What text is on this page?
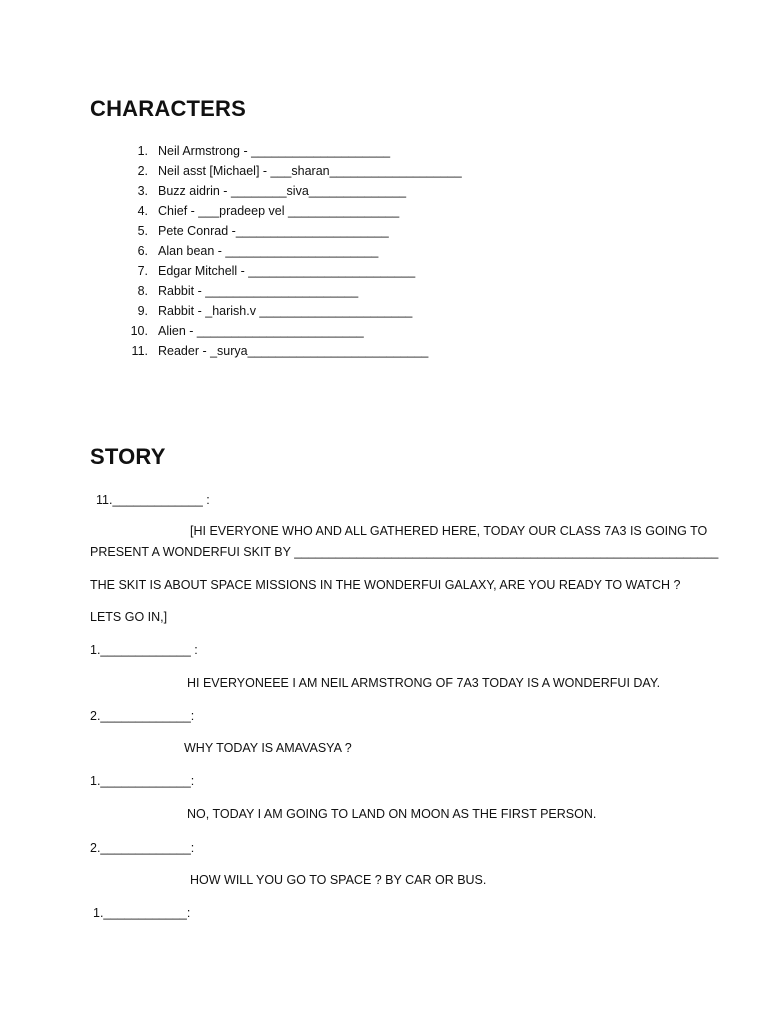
CHARACTERS
1. Neil Armstrong - ____________________
2. Neil asst [Michael] - ___sharan___________________
3. Buzz aidrin - ________siva______________
4. Chief - ___pradeep vel ________________
5. Pete Conrad -______________________
6. Alan bean - ______________________
7. Edgar Mitchell - ________________________
8. Rabbit - ______________________
9. Rabbit - _harish.v ______________________
10. Alien - ________________________
11. Reader - _surya__________________________
STORY
11._____________ :
[HI EVERYONE WHO AND ALL GATHERED HERE, TODAY OUR CLASS 7A3 IS GOING TO
PRESENT A WONDERFUI SKIT BY _____________________________________________________________
THE SKIT IS ABOUT SPACE MISSIONS IN THE WONDERFUI GALAXY, ARE YOU READY TO WATCH ?
LETS GO IN,]
1._____________ :
HI EVERYONEEE I AM NEIL ARMSTRONG OF 7A3 TODAY IS A WONDERFUI DAY.
2._____________:
WHY TODAY IS AMAVASYA ?
1._____________:
NO, TODAY I AM GOING TO LAND ON MOON AS THE FIRST PERSON.
2._____________:
HOW WILL YOU GO TO SPACE ? BY CAR OR BUS.
1.____________:
